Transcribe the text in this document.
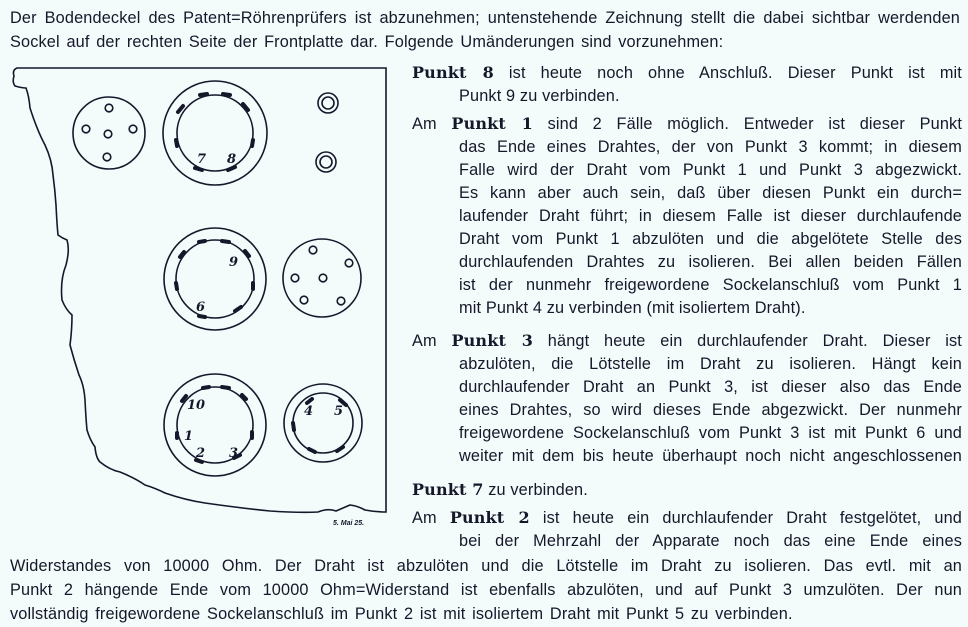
Der Bodendeckel des Patent=Röhrenprüfers ist abzunehmen; untenstehende Zeichnung stellt die dabei sichtbar werdenden
Sockel auf der rechten Seite der Frontplatte dar. Folgende Umänderungen sind vorzunehmen:
7 8
9
6
10
1
2 3
4 5
5. Mai 25.
Punkt 8 ist heute noch ohne Anschluß. Dieser Punkt ist mit
Punkt 9 zu verbinden.
Am Punkt 1 sind 2 Fälle möglich. Entweder ist dieser Punkt
das Ende eines Drahtes, der von Punkt 3 kommt; in diesem
Falle wird der Draht vom Punkt 1 und Punkt 3 abgezwickt.
Es kann aber auch sein, daß über diesen Punkt ein durch=
laufender Draht führt; in diesem Falle ist dieser durchlaufende
Draht vom Punkt 1 abzulöten und die abgelötete Stelle des
durchlaufenden Drahtes zu isolieren. Bei allen beiden Fällen
ist der nunmehr freigewordene Sockelanschluß vom Punkt 1
mit Punkt 4 zu verbinden (mit isoliertem Draht).
Am Punkt 3 hängt heute ein durchlaufender Draht. Dieser ist
abzulöten, die Lötstelle im Draht zu isolieren. Hängt kein
durchlaufender Draht an Punkt 3, ist dieser also das Ende
eines Drahtes, so wird dieses Ende abgezwickt. Der nunmehr
freigewordene Sockelanschluß vom Punkt 3 ist mit Punkt 6 und
weiter mit dem bis heute überhaupt noch nicht angeschlossenen
Punkt 7 zu verbinden.
Am Punkt 2 ist heute ein durchlaufender Draht festgelötet, und
bei der Mehrzahl der Apparate noch das eine Ende eines
Widerstandes von 10000 Ohm. Der Draht ist abzulöten und die Lötstelle im Draht zu isolieren. Das evtl. mit an
Punkt 2 hängende Ende vom 10000 Ohm=Widerstand ist ebenfalls abzulöten, und auf Punkt 3 umzulöten. Der nun
vollständig freigewordene Sockelanschluß im Punkt 2 ist mit isoliertem Draht mit Punkt 5 zu verbinden.
